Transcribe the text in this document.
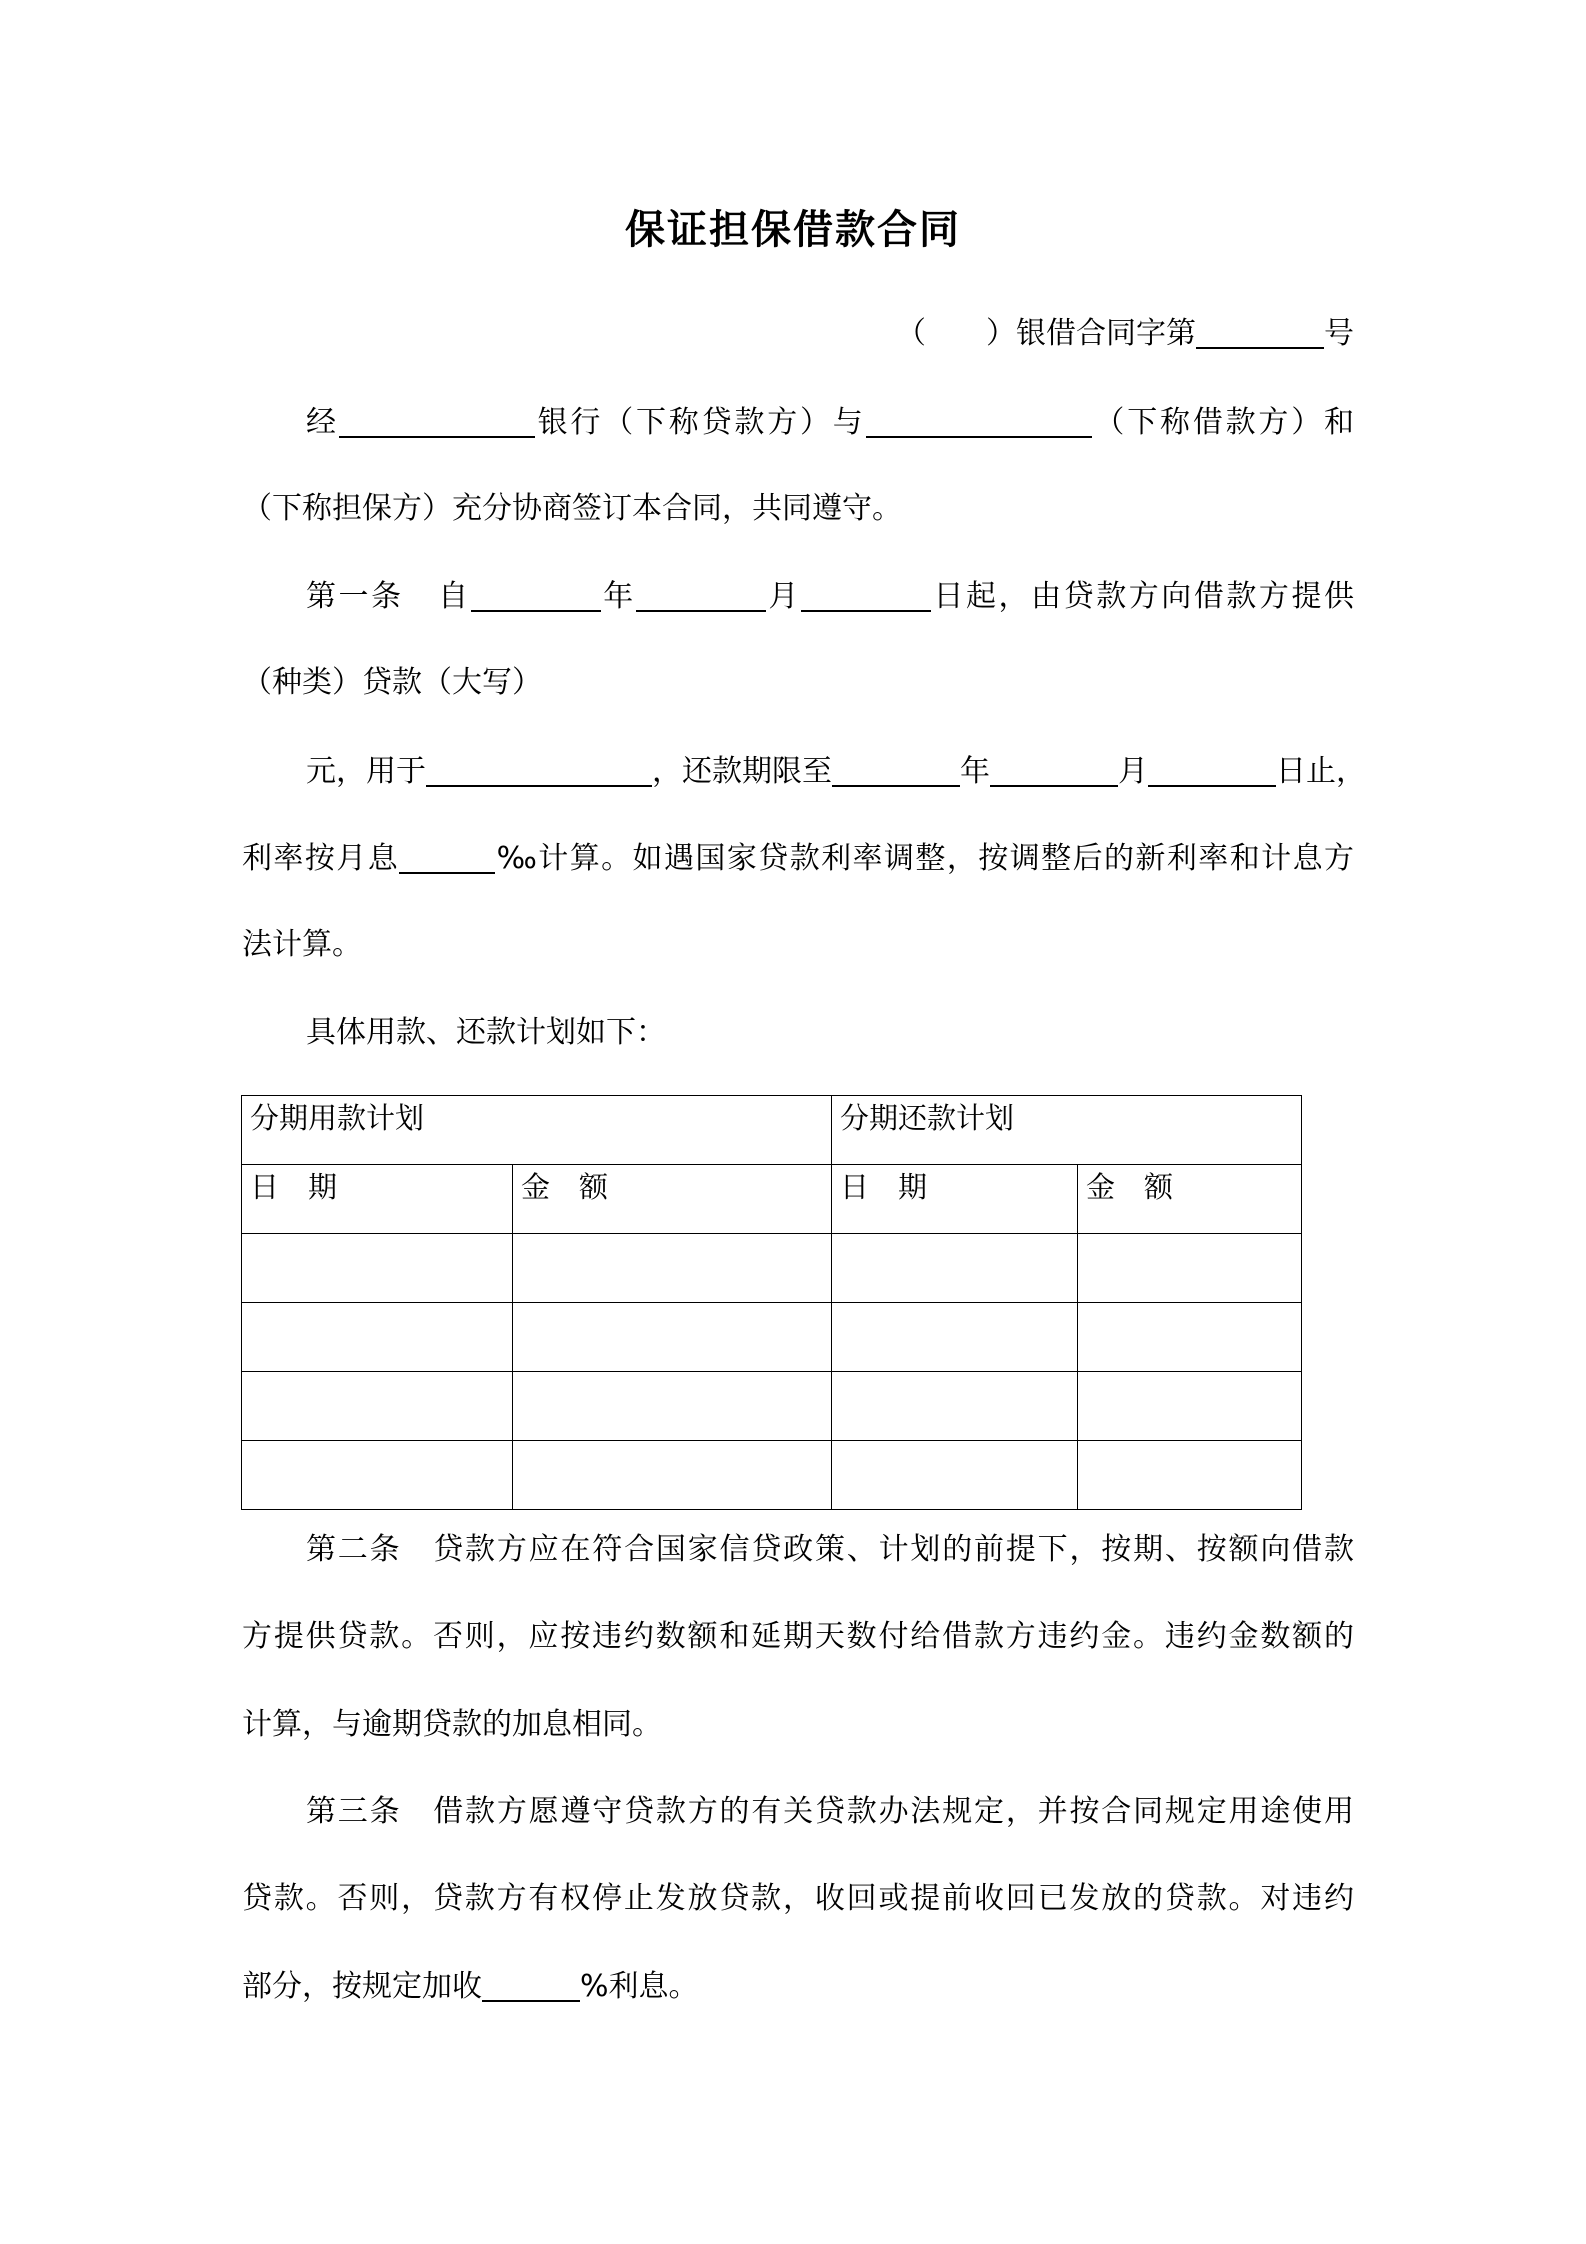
保证担保借款合同
（　　）银借合同字第	号
经	银行（下称贷款方）与	（下称借款方）和
（下称担保方）充分协商签订本合同，共同遵守。
第一条 自	年	月	日起，由贷款方向借款方提供
（种类）贷款（大写）
元，用于	，还款期限至	年	月	日止，
利率按月息	‰计算。如遇国家贷款利率调整，按调整后的新利率和计息方
法计算。
具体用款、还款计划如下：
分期用款计划		分期还款计划	
日　期	金　额	日　期	金　额

第二条　贷款方应在符合国家信贷政策、计划的前提下，按期、按额向借款
方提供贷款。否则，应按违约数额和延期天数付给借款方违约金。违约金数额的
计算，与逾期贷款的加息相同。
第三条　借款方愿遵守贷款方的有关贷款办法规定，并按合同规定用途使用
贷款。否则，贷款方有权停止发放贷款，收回或提前收回已发放的贷款。对违约
部分，按规定加收	%利息。
